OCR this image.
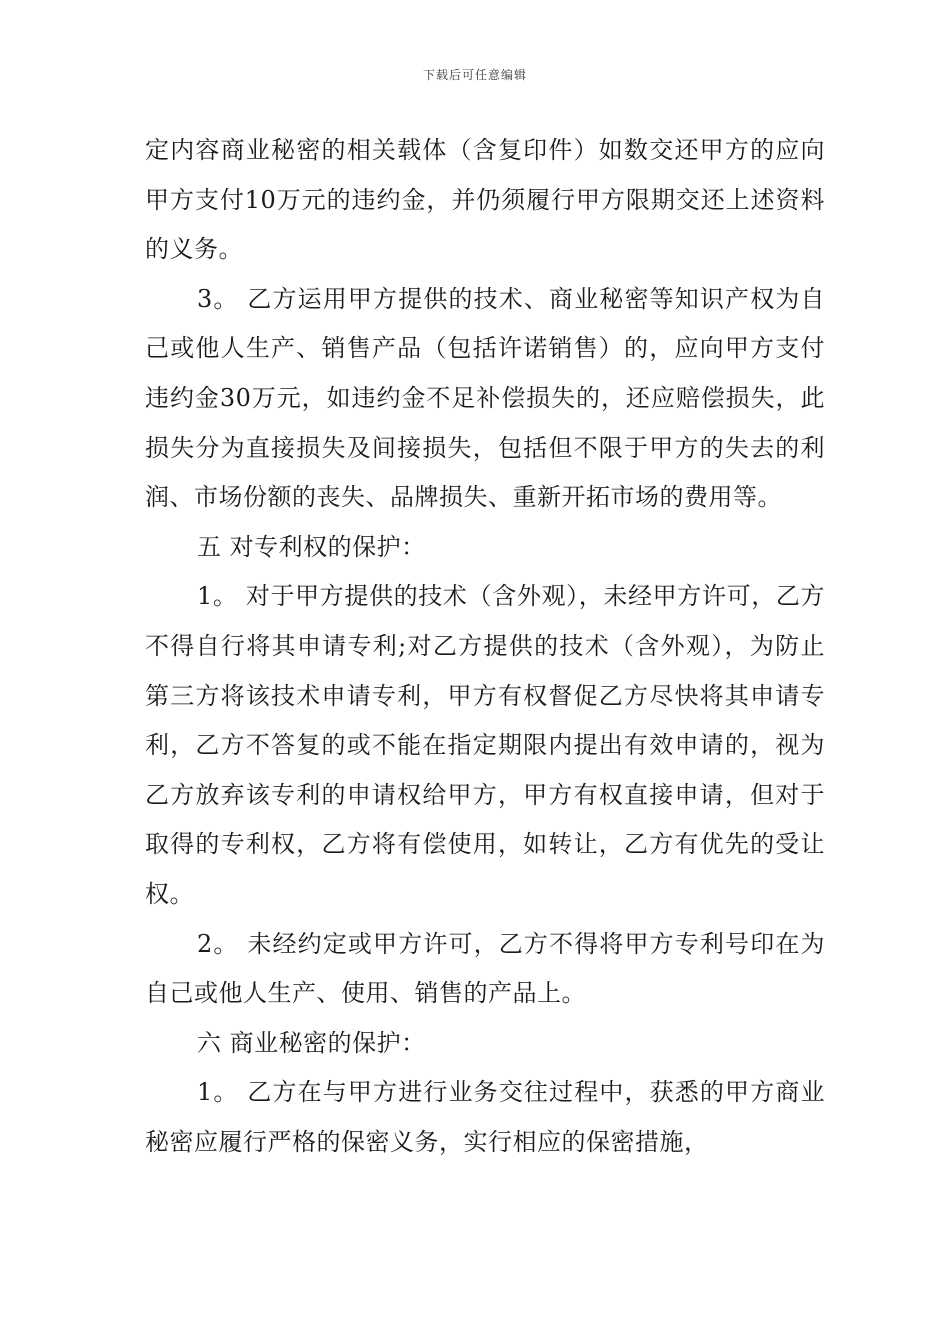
下载后可任意编辑

定内容商业秘密的相关载体（含复印件）如数交还甲方的应向甲方支付10万元的违约金，并仍须履行甲方限期交还上述资料的义务。

3。 乙方运用甲方提供的技术、商业秘密等知识产权为自己或他人生产、销售产品（包括许诺销售）的，应向甲方支付违约金30万元，如违约金不足补偿损失的，还应赔偿损失，此损失分为直接损失及间接损失，包括但不限于甲方的失去的利润、市场份额的丧失、品牌损失、重新开拓市场的费用等。

五 对专利权的保护：

1。 对于甲方提供的技术（含外观），未经甲方许可，乙方不得自行将其申请专利;对乙方提供的技术（含外观），为防止第三方将该技术申请专利，甲方有权督促乙方尽快将其申请专利，乙方不答复的或不能在指定期限内提出有效申请的，视为乙方放弃该专利的申请权给甲方，甲方有权直接申请，但对于取得的专利权，乙方将有偿使用，如转让，乙方有优先的受让权。

2。 未经约定或甲方许可，乙方不得将甲方专利号印在为自己或他人生产、使用、销售的产品上。

六 商业秘密的保护：

1。 乙方在与甲方进行业务交往过程中，获悉的甲方商业秘密应履行严格的保密义务，实行相应的保密措施，
